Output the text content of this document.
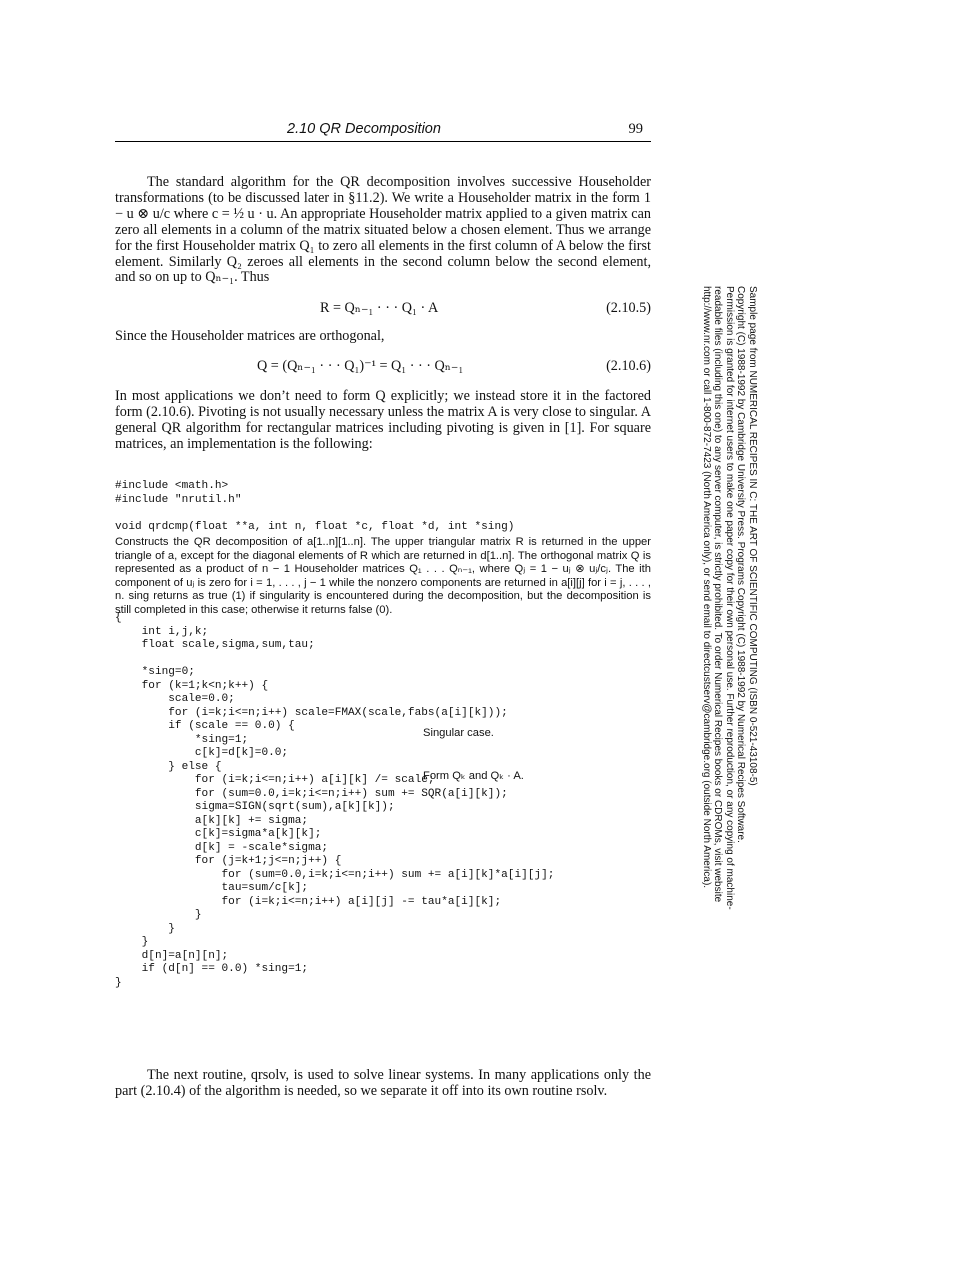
2.10 QR Decomposition	99
The standard algorithm for the QR decomposition involves successive Householder transformations (to be discussed later in §11.2). We write a Householder matrix in the form 1 − u ⊗ u/c where c = ½ u · u. An appropriate Householder matrix applied to a given matrix can zero all elements in a column of the matrix situated below a chosen element. Thus we arrange for the first Householder matrix Q₁ to zero all elements in the first column of A below the first element. Similarly Q₂ zeroes all elements in the second column below the second element, and so on up to Qₙ₋₁. Thus
R = Qₙ₋₁ · · · Q₁ · A	(2.10.5)
Since the Householder matrices are orthogonal,
Q = (Qₙ₋₁ · · · Q₁)⁻¹ = Q₁ · · · Qₙ₋₁	(2.10.6)
In most applications we don’t need to form Q explicitly; we instead store it in the factored form (2.10.6). Pivoting is not usually necessary unless the matrix A is very close to singular. A general QR algorithm for rectangular matrices including pivoting is given in [1]. For square matrices, an implementation is the following:
#include <math.h>
#include "nrutil.h"
void qrdcmp(float **a, int n, float *c, float *d, int *sing)
Constructs the QR decomposition of a[1..n][1..n]. The upper triangular matrix R is returned in the upper triangle of a, except for the diagonal elements of R which are returned in d[1..n]. The orthogonal matrix Q is represented as a product of n − 1 Householder matrices Q₁ . . . Qₙ₋₁, where Qⱼ = 1 − uⱼ ⊗ uⱼ/cⱼ. The ith component of uⱼ is zero for i = 1, . . . , j − 1 while the nonzero components are returned in a[i][j] for i = j, . . . , n. sing returns as true (1) if singularity is encountered during the decomposition, but the decomposition is still completed in this case; otherwise it returns false (0).
{
int i,j,k;
float scale,sigma,sum,tau;

*sing=0;
for (k=1;k<n;k++) {
scale=0.0;
for (i=k;i<=n;i++) scale=FMAX(scale,fabs(a[i][k]));
if (scale == 0.0) {
*sing=1;
c[k]=d[k]=0.0;
} else {
for (i=k;i<=n;i++) a[i][k] /= scale;
for (sum=0.0,i=k;i<=n;i++) sum += SQR(a[i][k]);
sigma=SIGN(sqrt(sum),a[k][k]);
a[k][k] += sigma;
c[k]=sigma*a[k][k];
d[k] = -scale*sigma;
for (j=k+1;j<=n;j++) {
for (sum=0.0,i=k;i<=n;i++) sum += a[i][k]*a[i][j];
tau=sum/c[k];
for (i=k;i<=n;i++) a[i][j] -= tau*a[i][k];
}
}
}
d[n]=a[n][n];
if (d[n] == 0.0) *sing=1;
}
Singular case.
Form Qₖ and Qₖ · A.
The next routine, qrsolv, is used to solve linear systems. In many applications only the part (2.10.4) of the algorithm is needed, so we separate it off into its own routine rsolv.
Sample page from NUMERICAL RECIPES IN C: THE ART OF SCIENTIFIC COMPUTING (ISBN 0-521-43108-5)
Copyright (C) 1988-1992 by Cambridge University Press. Programs Copyright (C) 1988-1992 by Numerical Recipes Software.
Permission is granted for internet users to make one paper copy for their own personal use. Further reproduction, or any copying of machine-
readable files (including this one) to any server computer, is strictly prohibited. To order Numerical Recipes books or CDROMs, visit website
http://www.nr.com or call 1-800-872-7423 (North America only), or send email to directcustserv@cambridge.org (outside North America).
